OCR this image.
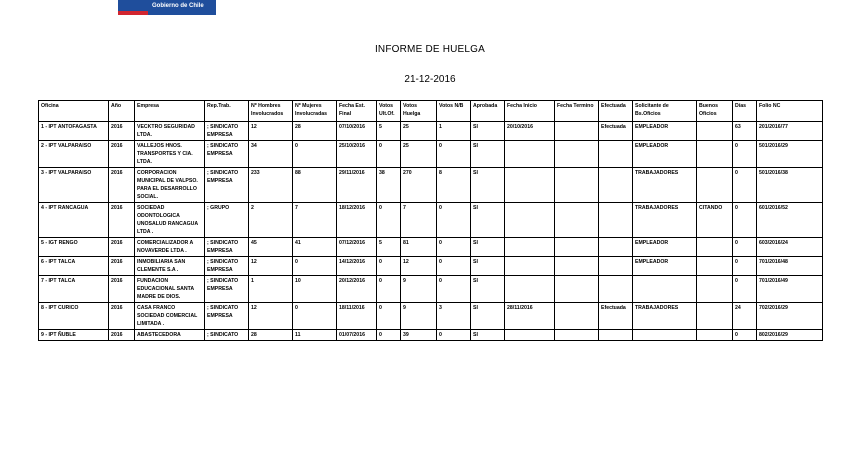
Gobierno de Chile
INFORME DE HUELGA
21-12-2016
Oficina	Año	Empresa	Rep.Trab.	Nº Hombres Involucrados	Nº Mujeres Involucradas	Fecha Est. Final	Votos Ult.Of.	Votos Huelga	Votos N/B	Aprobada	Fecha Inicio	Fecha Termino	Efectuada	Solicitante de Bs.Oficios	Buenos Oficios	Días	Folio NC
1 - IPT ANTOFAGASTA	2016	VECKTRO SEGURIDAD LTDA.	; SINDICATO EMPRESA	12	28	07/10/2016	5	25	1	SI	20/10/2016		Efectuada	EMPLEADOR		63	201/2016/77
2 - IPT VALPARAISO	2016	VALLEJOS HNOS. TRANSPORTES Y CIA. LTDA.	; SINDICATO EMPRESA	34	0	25/10/2016	0	25	0	SI				EMPLEADOR		0	501/2016/29
3 - IPT VALPARAISO	2016	CORPORACION MUNICIPAL DE VALPSO. PARA EL DESARROLLO SOCIAL.	; SINDICATO EMPRESA	233	88	29/11/2016	38	270	8	SI				TRABAJADORES		0	501/2016/38
4 - IPT RANCAGUA	2016	SOCIEDAD ODONTOLOGICA UNOSALUD RANCAGUA LTDA .	; GRUPO	2	7	18/12/2016	0	7	0	SI				TRABAJADORES	CITANDO	0	601/2016/52
5 - IGT RENGO	2016	COMERCIALIZADOR A NOVAVERDE LTDA .	; SINDICATO EMPRESA	45	41	07/12/2016	5	81	0	SI				EMPLEADOR		0	603/2016/24
6 - IPT TALCA	2016	INMOBILIARIA SAN CLEMENTE S.A .	; SINDICATO EMPRESA	12	0	14/12/2016	0	12	0	SI				EMPLEADOR		0	701/2016/48
7 - IPT TALCA	2016	FUNDACION EDUCACIONAL SANTA MADRE DE DIOS.	; SINDICATO EMPRESA	1	10	20/12/2016	0	9	0	SI						0	701/2016/49
8 - IPT CURICO	2016	CASA FRANCO SOCIEDAD COMERCIAL LIMITADA .	; SINDICATO EMPRESA	12	0	18/11/2016	0	9	3	SI	28/11/2016		Efectuada	TRABAJADORES		24	702/2016/29
9 - IPT ÑUBLE	2016	ABASTECEDORA	; SINDICATO	28	11	01/07/2016	0	39	0	SI						0	802/2016/29
